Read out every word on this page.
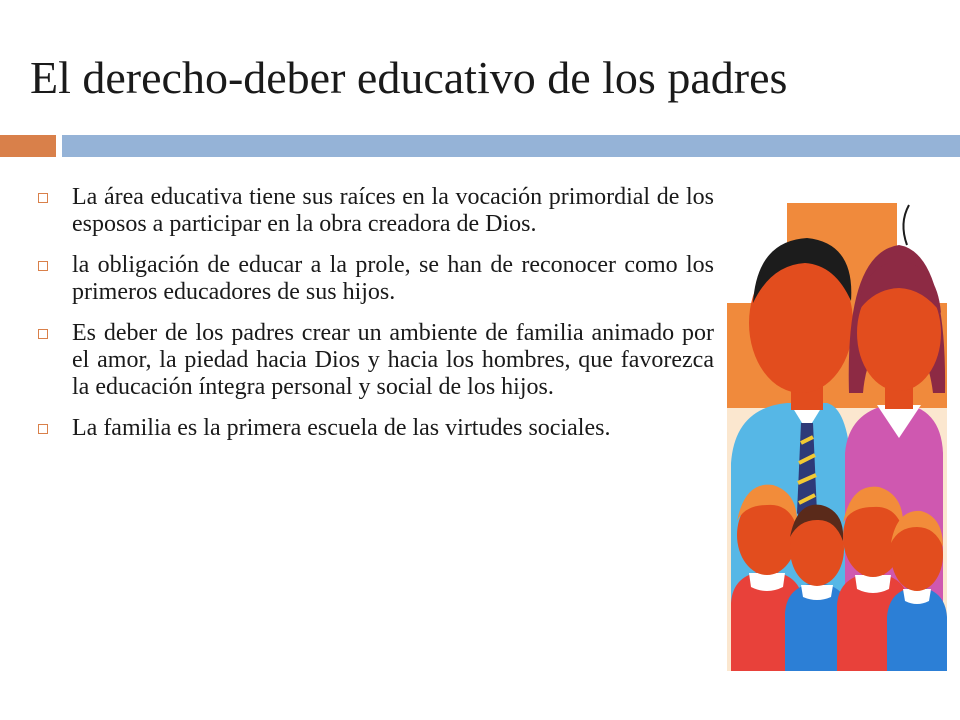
El derecho-deber educativo de los padres
La área educativa tiene sus raíces en la vocación primordial de los esposos a participar en la obra creadora de Dios.
la obligación de educar a la prole, se han de reconocer como los primeros educadores de sus hijos.
Es deber de los padres crear un ambiente de familia animado por el amor, la piedad hacia Dios y hacia los hombres, que favorezca la educación íntegra personal y social de los hijos.
La familia es la primera escuela de las virtudes sociales.
